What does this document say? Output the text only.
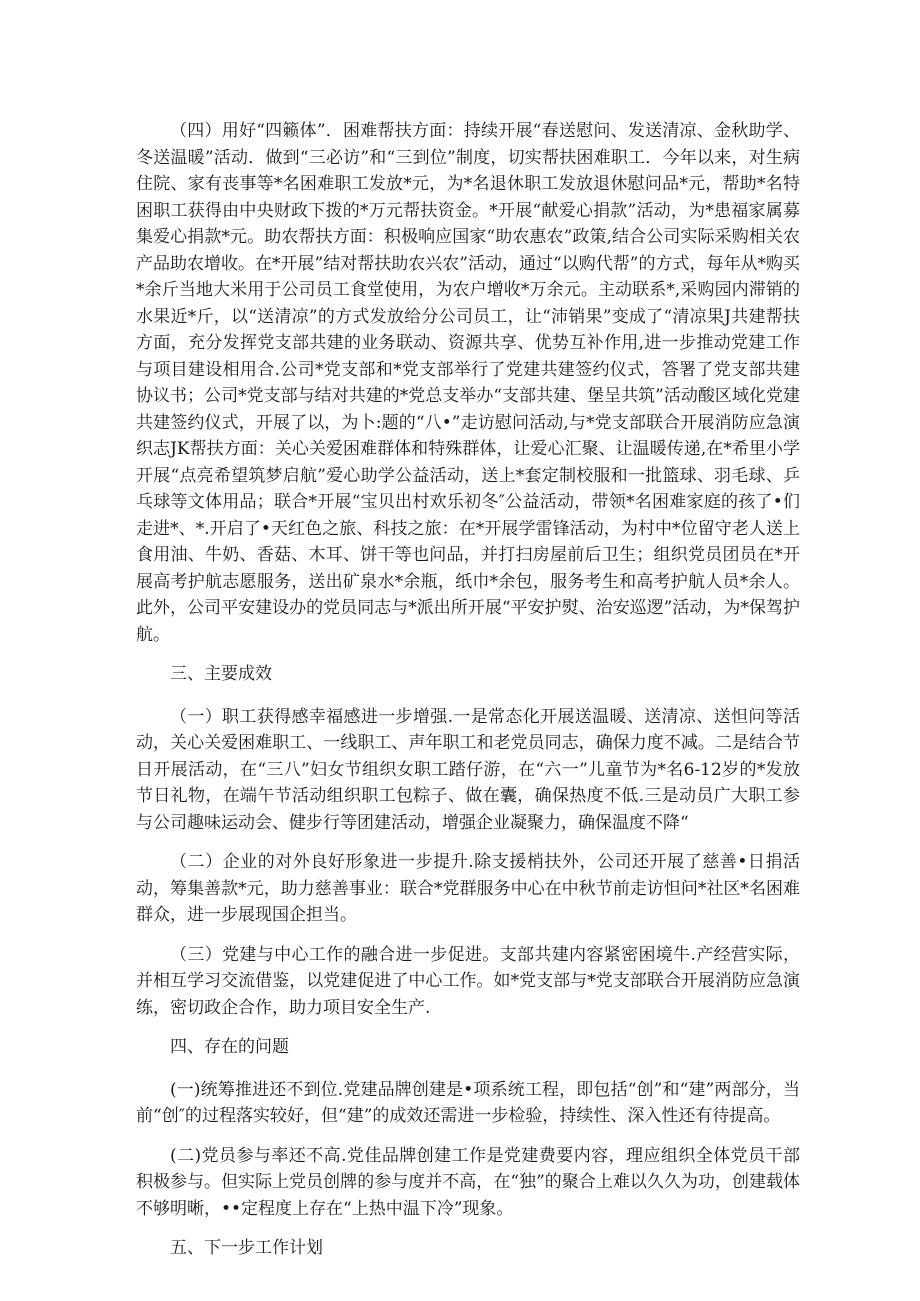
（四）用好“四籁体”．困难帮扶方面：持续开展“春送慰问、发送清凉、金秋助学、冬送温暖”活动．做到“三必访”和“三到位”制度，切实帮扶困难职工．今年以来，对生病住院、家有丧事等*名困难职工发放*元，为*名退休职工发放退休慰问品*元，帮助*名特困职工获得由中央财政下拨的*万元帮扶资金。*开展“献爱心捐款”活动，为*患福家属募集爱心捐款*元。助农帮扶方面：积极响应国家“助农惠农”政策,结合公司实际采购相关农产品助农增收。在*开展”结对帮扶助农兴农”活动，通过“以购代帮”的方式，每年从*购买*余斤当地大米用于公司员工食堂使用，为农户增收*万余元。主动联系*,采购园内滞销的水果近*斤，以“送清凉”的方式发放给分公司员工，让“沛销果”变成了“清凉果J共建帮扶方面，充分发挥党支部共建的业务联动、资源共享、优势互补作用,进一步推动党建工作与项目建设相用合.公司*党支部和*党支部举行了党建共建签约仪式，答署了党支部共建协议书；公司*党支部与结对共建的*党总支举办“支部共建、堡呈共筑”活动酸区域化党建共建签约仪式，开展了以，为卜:题的“八•”走访慰问活动,与*党支部联合开展消防应急演织志JK帮扶方面：关心关爱困难群体和特殊群体，让爱心汇聚、让温暖传递,在*希里小学开展“点亮希望筑梦启航”爱心助学公益活动，送上*套定制校服和一批篮球、羽毛球、乒乓球等文体用品；联合*开展“宝贝出村欢乐初冬″公益活动，带领*名困难家庭的孩了•们走进*、*.开启了•天红色之旅、科技之旅：在*开展学雷锋活动，为村中*位留守老人送上食用油、牛奶、香菇、木耳、饼干等也问品，并打扫房屋前后卫生；组织党员团员在*开展高考护航志愿服务，送出矿泉水*余瓶，纸巾*余包，服务考生和高考护航人员*余人。此外，公司平安建设办的党员同志与*派出所开展“平安护熨、治安巡逻”活动，为*保驾护航。

三、主要成效

（一）职工获得感幸福感进一步增强.一是常态化开展送温暖、送清凉、送怛问等活动，关心关爱困难职工、一线职工、声年职工和老党员同志，确保力度不减。二是结合节日开展活动，在“三八”妇女节组织女职工踏仔游，在“六一”儿童节为*名6-12岁的*发放节日礼物，在端午节活动组织职工包粽子、做在囊，确保热度不低.三是动员广大职工参与公司趣味运动会、健步行等团建活动，增强企业凝聚力，确保温度不降“

（二）企业的对外良好形象进一步提升.除支援梢扶外，公司还开展了慈善•日捐活动，筹集善款*元，助力慈善事业：联合*党群服务中心在中秋节前走访怛问*社区*名困难群众，进一步展现国企担当。

（三）党建与中心工作的融合进一步促进。支部共建内容紧密困境牛.产经营实际，并相互学习交流借鉴，以党建促进了中心工作。如*党支部与*党支部联合开展消防应急演练，密切政企合作，助力项目安全生产.

四、存在的问题

(一)统筹推进还不到位.党建品牌创建是•项系统工程，即包括“创”和“建”两部分，当前“创″的过程落实较好，但“建”的成效还需进一步检验，持续性、深入性还有待提高。

(二)党员参与率还不高.党佳品牌创建工作是党建费要内容，理应组织全体党员干部积极参与。但实际上党员创牌的参与度并不高，在“独”的聚合上难以久久为功，创建载体不够明晰，••定程度上存在“上热中温下冷”现象。

五、下一步工作计划
